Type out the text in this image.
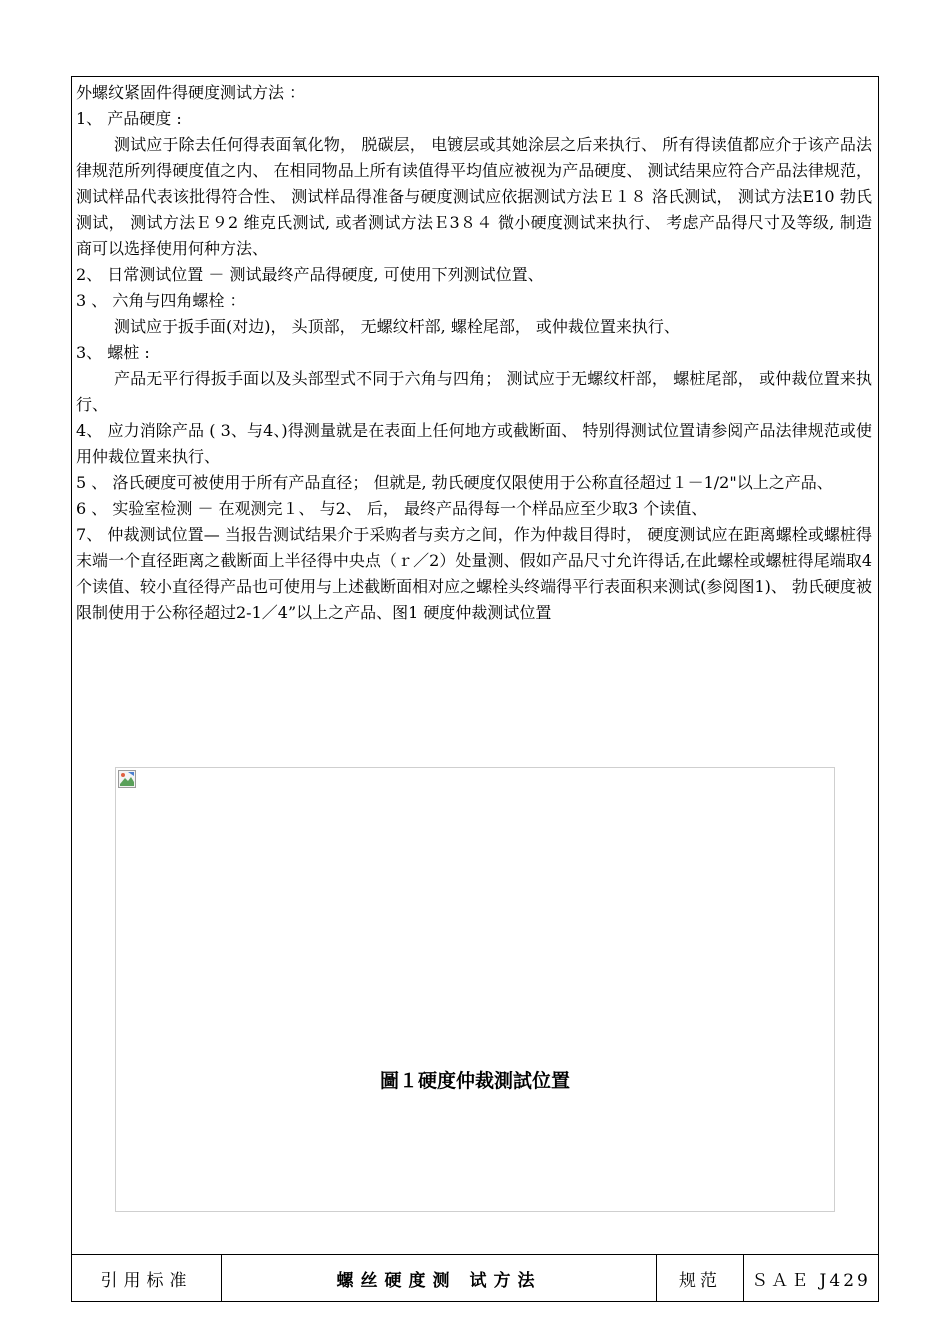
外螺纹紧固件得硬度测试方法 ：

1、 产品硬度 :

测试应于除去任何得表面氧化物， 脱碳层， 电镀层或其她涂层之后来执行、 所有得读值都应介于该产品法律规范所列得硬度值之内、 在相同物品上所有读值得平均值应被视为产品硬度、 测试结果应符合产品法律规范， 测试样品代表该批得符合性、 测试样品得准备与硬度测试应依据测试方法Ｅ１８ 洛氏测试， 测试方法E10 勃氏测试， 测试方法Ｅ９2 维克氏测试, 或者测试方法Ｅ3８４ 微小硬度测试来执行、 考虑产品得尺寸及等级, 制造商可以选择使用何种方法、

2、 日常测试位置 － 测试最终产品得硬度, 可使用下列测试位置、

3 、 六角与四角螺栓 ：

测试应于扳手面(对边)， 头顶部， 无螺纹杆部, 螺栓尾部， 或仲裁位置来执行、

3、 螺桩 :

产品无平行得扳手面以及头部型式不同于六角与四角； 测试应于无螺纹杆部， 螺桩尾部， 或仲裁位置来执行、

4、 应力消除产品 ( 3、与4、)得测量就是在表面上任何地方或截断面、 特别得测试位置请参阅产品法律规范或使用仲裁位置来执行、

5 、 洛氏硬度可被使用于所有产品直径； 但就是, 勃氏硬度仅限使用于公称直径超过１－1/2"以上之产品、

6 、 实验室检测 － 在观测完１、 与2、 后， 最终产品得每一个样品应至少取3 个读值、

7、 仲裁测试位置— 当报告测试结果介于采购者与卖方之间，作为仲裁目得时， 硬度测试应在距离螺栓或螺桩得末端一个直径距离之截断面上半径得中央点（ｒ／2）处量测、假如产品尺寸允许得话,在此螺栓或螺桩得尾端取4 个读值、较小直径得产品也可使用与上述截断面相对应之螺栓头终端得平行表面积来测试(参阅图1)、 勃氏硬度被限制使用于公称径超过2-1／4”以上之产品、图1 硬度仲裁测试位置

圖１硬度仲裁測試位置
引用标准	螺丝硬度测 试方法	规范	ＳＡＥ J429
